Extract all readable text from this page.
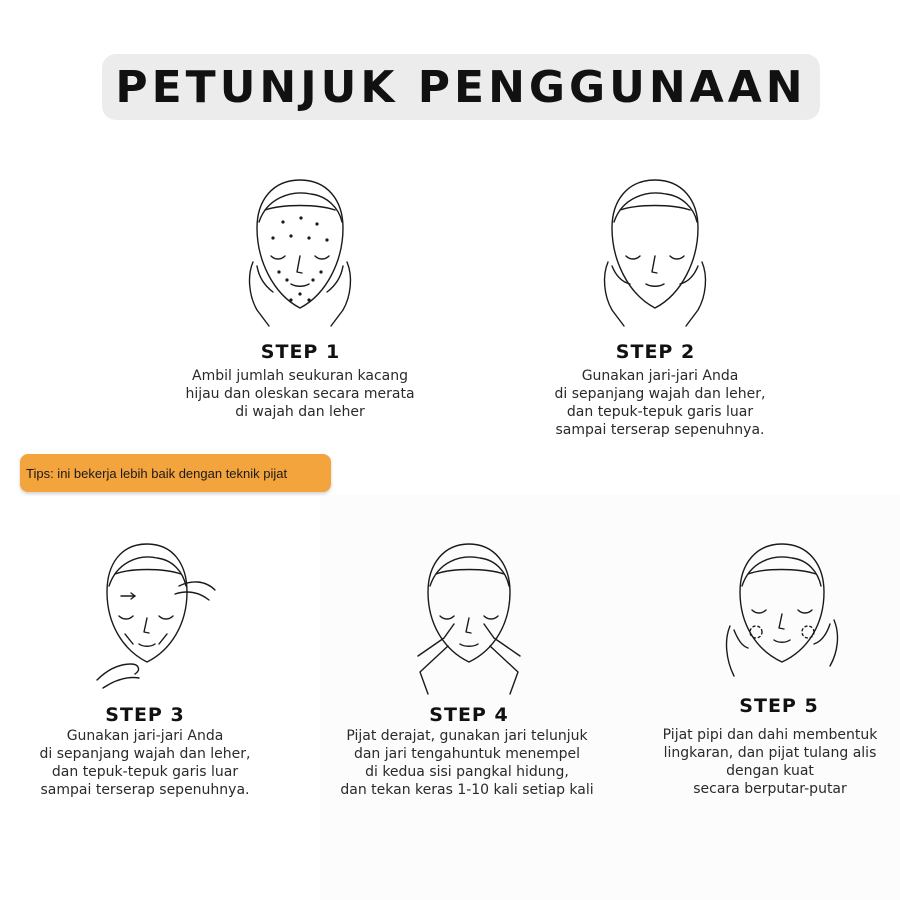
PETUNJUK PENGGUNAAN
STEP 1
Ambil jumlah seukuran kacang
hijau dan oleskan secara merata
di wajah dan leher
STEP 2
Gunakan jari-jari Anda
di sepanjang wajah dan leher,
dan tepuk-tepuk garis luar
sampai terserap sepenuhnya.
Tips: ini bekerja lebih baik dengan teknik pijat
STEP 3
Gunakan jari-jari Anda
di sepanjang wajah dan leher,
dan tepuk-tepuk garis luar
sampai terserap sepenuhnya.
STEP 4
Pijat derajat, gunakan jari telunjuk
dan jari tengahuntuk menempel
di kedua sisi pangkal hidung,
dan tekan keras 1-10 kali setiap kali
STEP 5
Pijat pipi dan dahi membentuk
lingkaran, dan pijat tulang alis
dengan kuat
secara berputar-putar
